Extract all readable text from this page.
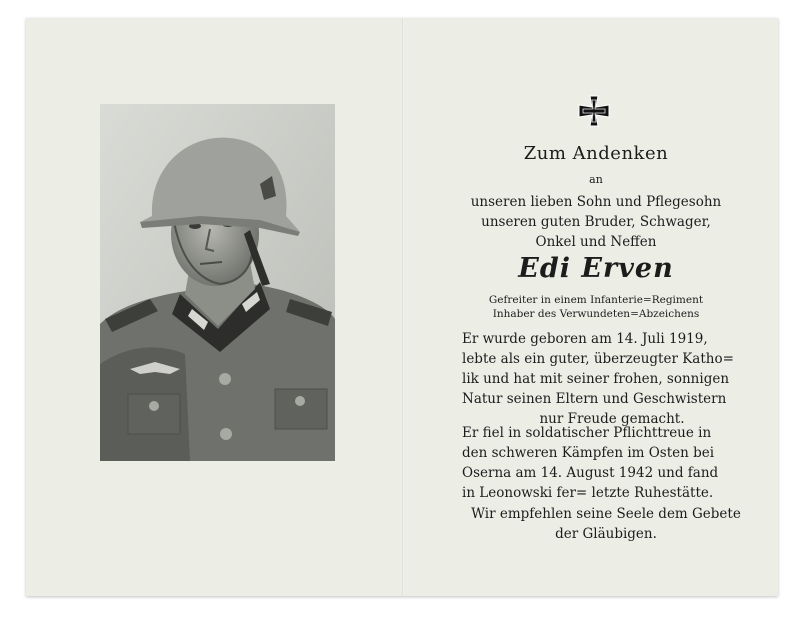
Zum Andenken
an
unseren lieben Sohn und Pflegesohn
unseren guten Bruder, Schwager,
Onkel und Neffen
Edi Erven
Gefreiter in einem Infanterie=Regiment
Inhaber des Verwundeten=Abzeichens
Er wurde geboren am 14. Juli 1919,
lebte als ein guter, überzeugter Katho=
lik und hat mit seiner frohen, sonnigen
Natur seinen Eltern und Geschwistern
nur Freude gemacht.
Er fiel in soldatischer Pflichttreue in
den schweren Kämpfen im Osten bei
Oserna am 14. August 1942 und fand
in Leonowski fer= letzte Ruhestätte.
Wir empfehlen seine Seele dem Gebete
der Gläubigen.
